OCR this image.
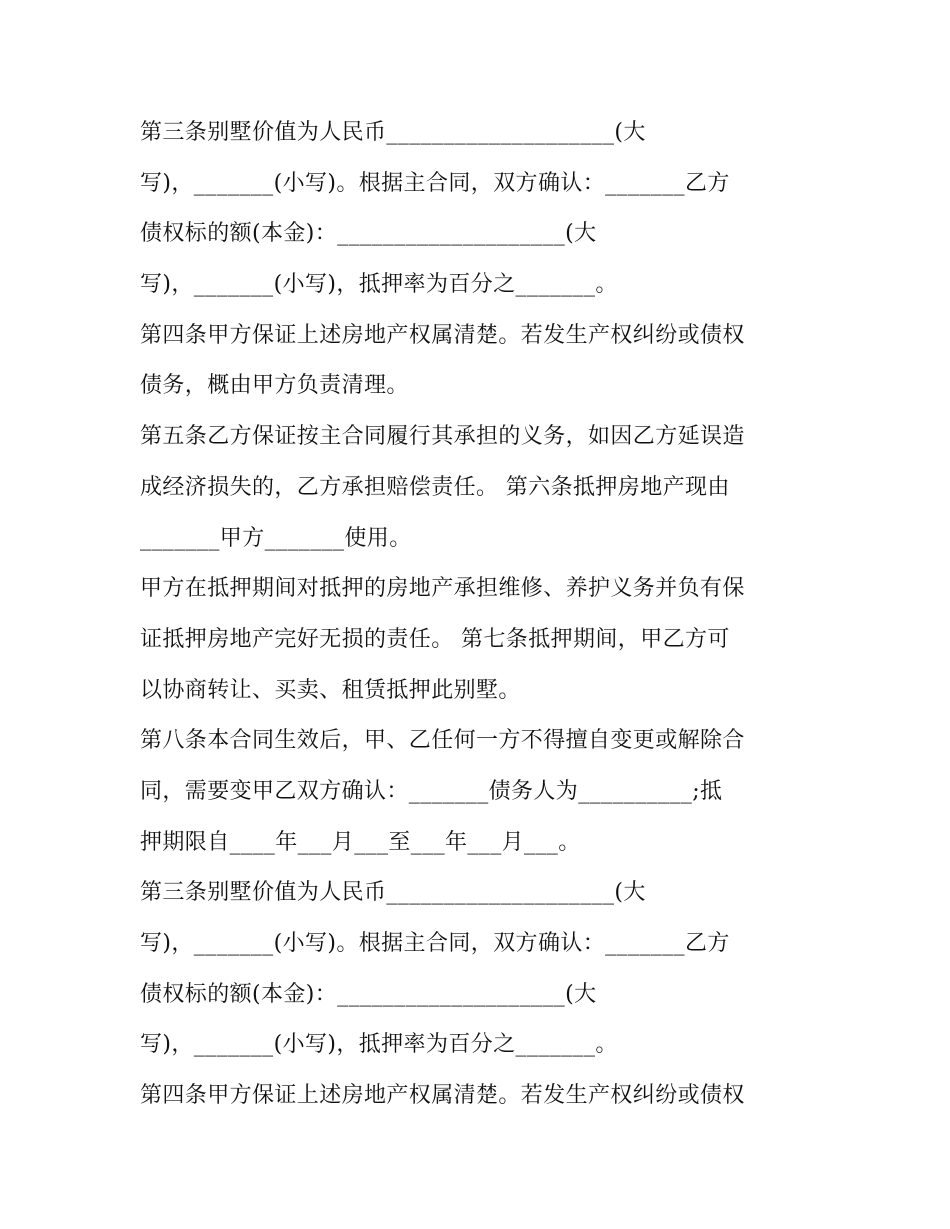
第三条别墅价值为人民币____________________(大
写)，_______(小写)。根据主合同，双方确认：_______乙方
债权标的额(本金)：____________________(大
写)，_______(小写)，抵押率为百分之_______。
第四条甲方保证上述房地产权属清楚。若发生产权纠纷或债权
债务，概由甲方负责清理。
第五条乙方保证按主合同履行其承担的义务，如因乙方延误造
成经济损失的，乙方承担赔偿责任。 第六条抵押房地产现由
_______甲方_______使用。
甲方在抵押期间对抵押的房地产承担维修、养护义务并负有保
证抵押房地产完好无损的责任。 第七条抵押期间，甲乙方可
以协商转让、买卖、租赁抵押此别墅。
第八条本合同生效后，甲、乙任何一方不得擅自变更或解除合
同，需要变甲乙双方确认：_______债务人为__________;抵
押期限自____年___月___至___年___月___。
第三条别墅价值为人民币____________________(大
写)，_______(小写)。根据主合同，双方确认：_______乙方
债权标的额(本金)：____________________(大
写)，_______(小写)，抵押率为百分之_______。
第四条甲方保证上述房地产权属清楚。若发生产权纠纷或债权
